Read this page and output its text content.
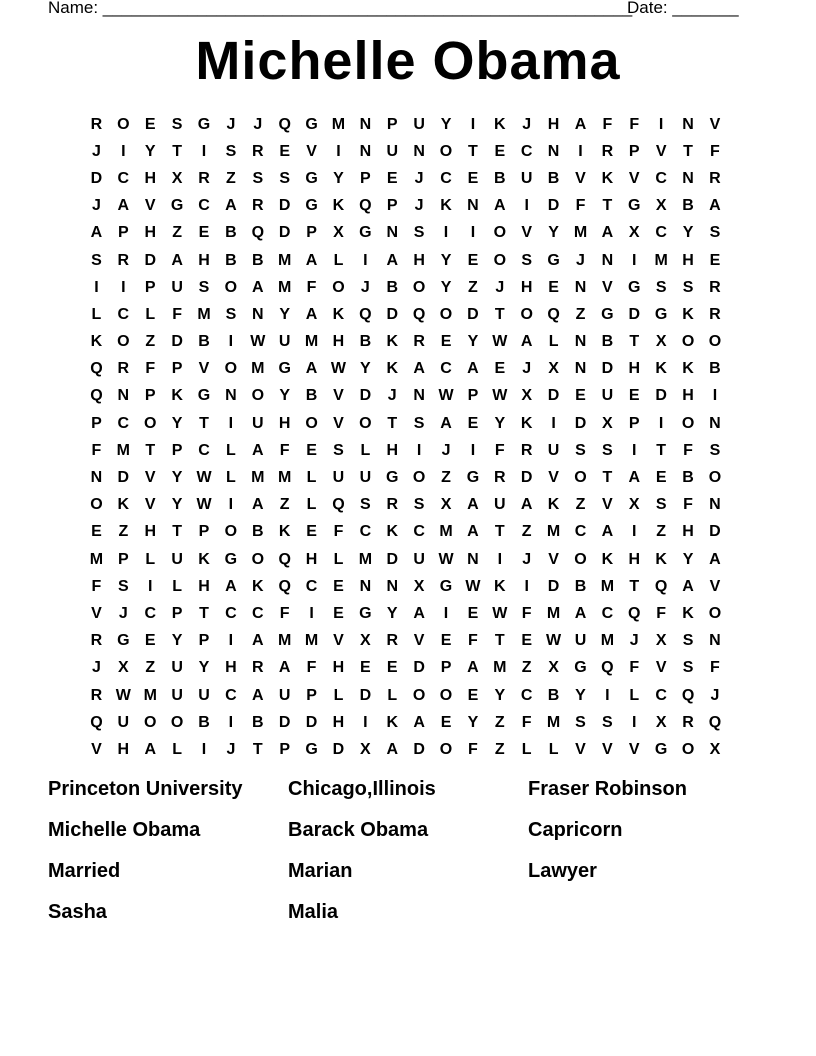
Name: ________________________________________________________
Date: _______
Michelle Obama
R O E	S G	J	J	Q G M N P U Y	I	K	J	H A	F	F	I	N V
J	I	Y	T	I	S R E	V	I	N U N O T	E C N	I	R P	V	T	F
D C H X R	Z	S	S G Y	P	E	J	C E B U B V K V C N R
J	A V G C A R D G K Q P	J	K N A	I	D	F	T G X B A
A P H	Z	E B Q D P	X G N S	I	I	O V	Y M A X C Y	S
S R D A H B B M A	L	I	A H Y	E O S G	J	N	I	M H E
I	I	P U S O A M F O	J	B O Y	Z	J	H E N V G S	S R
L	C	L	F M S N Y A K Q D Q O D	T O Q Z G D G K R
K O Z	D B	I	W U M H B K R E	Y W A	L	N B	T	X O O
Q R	F	P	V O M G A W Y K A C A E	J	X N D H K K B
Q N P K G N O Y B V D	J	N W P W X D E U E D H	I
P C O Y	T	I	U H O V O T	S A E	Y K	I	D X	P	I	O N
F M T	P C	L	A	F	E	S	L	H	I	J	I	F	R U S	S	I	T	F	S
N D V	Y W L M M L	U U G O Z G R D V O T	A E B O
O K V	Y W	I	A	Z	L Q S R S	X A U A K	Z	V	X	S	F	N
E	Z	H	T	P O B K E	F	C K C M A	T	Z M C A	I	Z	H D
M P	L	U K G O Q H	L M D U W N	I	J	V O K H K Y A
F	S	I	L	H A K Q C E N N X G W K	I	D B M T Q A V
V	J	C P	T	C C	F	I	E G Y A	I	E W F M A C Q F	K O
R G E	Y	P	I	A M M V	X R V	E	F	T	E W U M J	X	S N
J	X	Z	U Y H R A	F	H E	E D P A M Z	X G Q F	V	S	F
R W M U U C A U P	L	D	L O O E	Y C B Y	I	L	C Q	J
Q U O O B	I	B D D H	I	K A E	Y	Z	F M S	S	I	X R Q
V H A	L	I	J	T	P G D X A D O F	Z	L	L	V	V	V G O X
Princeton University	Chicago,Illinois	Fraser Robinson
Michelle Obama	Barack Obama	Capricorn
Married	Marian	Lawyer
Sasha	Malia
